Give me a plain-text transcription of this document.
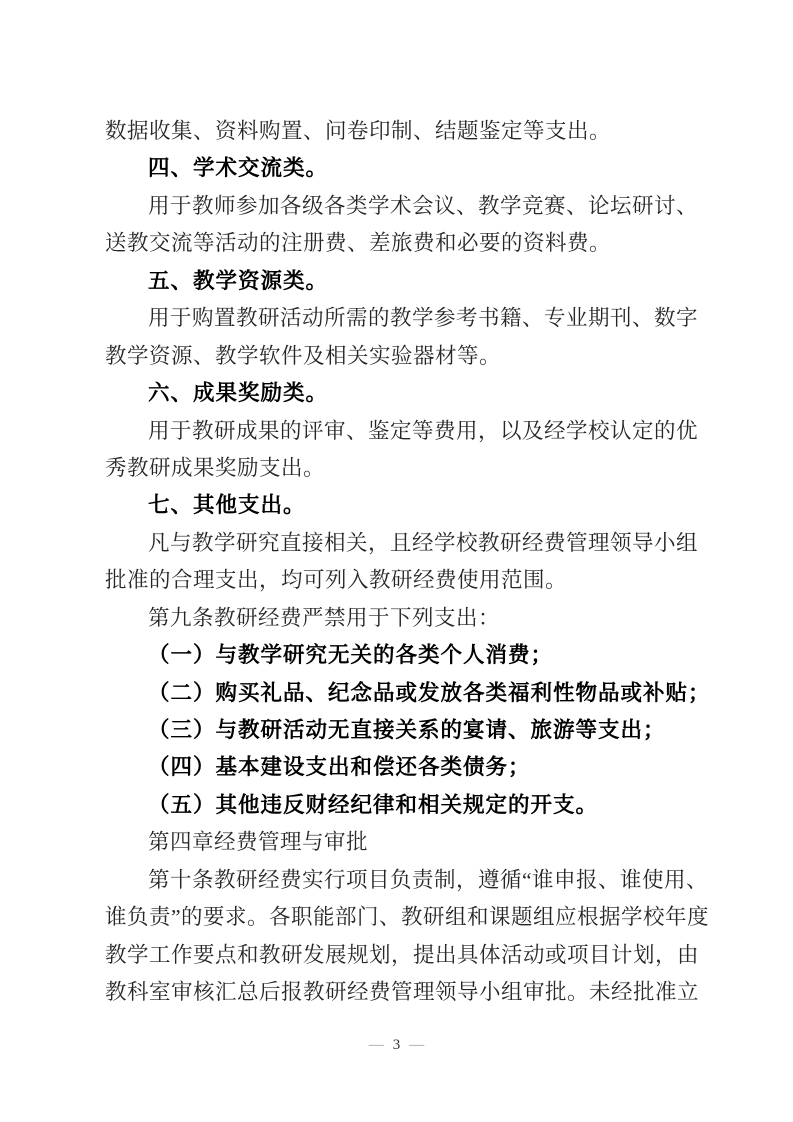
数据收集、资料购置、问卷印制、结题鉴定等支出。
四、学术交流类。
用于教师参加各级各类学术会议、教学竞赛、论坛研讨、
送教交流等活动的注册费、差旅费和必要的资料费。
五、教学资源类。
用于购置教研活动所需的教学参考书籍、专业期刊、数字
教学资源、教学软件及相关实验器材等。
六、成果奖励类。
用于教研成果的评审、鉴定等费用，以及经学校认定的优
秀教研成果奖励支出。
七、其他支出。
凡与教学研究直接相关，且经学校教研经费管理领导小组
批准的合理支出，均可列入教研经费使用范围。
第九条教研经费严禁用于下列支出：
（一）与教学研究无关的各类个人消费；
（二）购买礼品、纪念品或发放各类福利性物品或补贴；
（三）与教研活动无直接关系的宴请、旅游等支出；
（四）基本建设支出和偿还各类债务；
（五）其他违反财经纪律和相关规定的开支。
第四章经费管理与审批
第十条教研经费实行项目负责制，遵循“谁申报、谁使用、
谁负责”的要求。各职能部门、教研组和课题组应根据学校年度
教学工作要点和教研发展规划，提出具体活动或项目计划，由
教科室审核汇总后报教研经费管理领导小组审批。未经批准立
— 3 —
